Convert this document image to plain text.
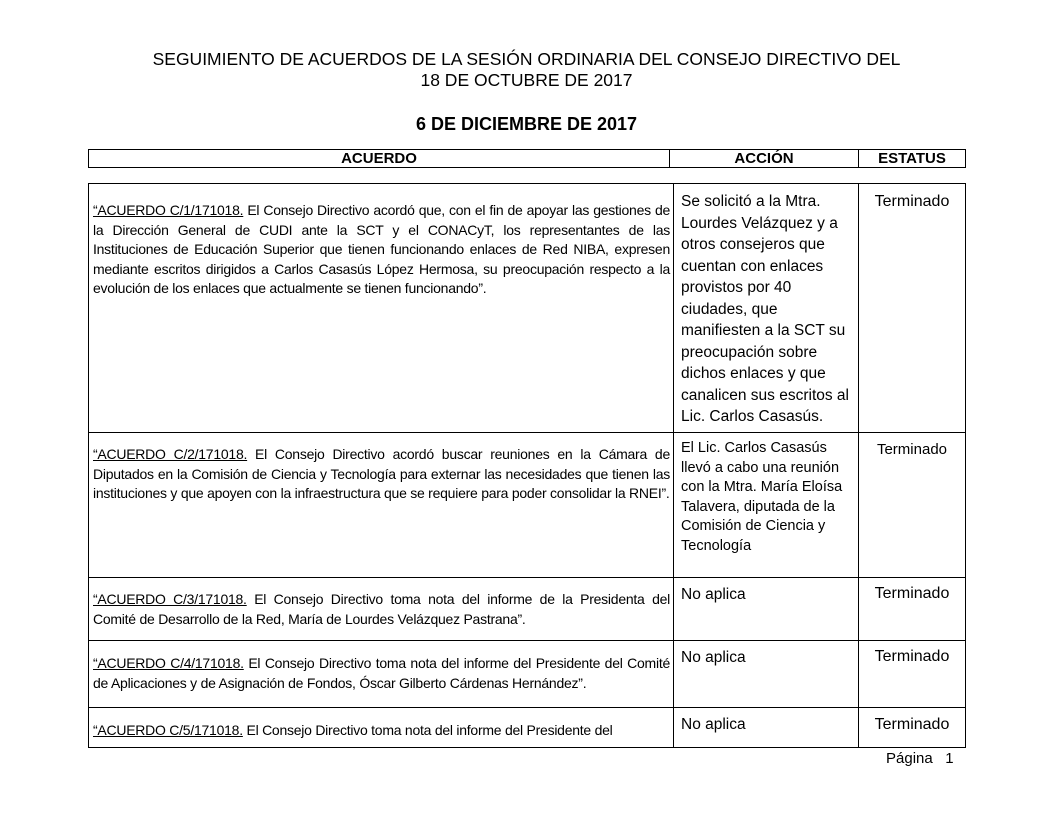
SEGUIMIENTO DE ACUERDOS DE LA SESIÓN ORDINARIA DEL CONSEJO DIRECTIVO DEL
18 DE OCTUBRE DE 2017
6 DE DICIEMBRE DE 2017
ACUERDO	ACCIÓN	ESTATUS
“ACUERDO C/1/171018. El Consejo Directivo acordó que, con el fin de apoyar las gestiones de la Dirección General de CUDI ante la SCT y el CONACyT, los representantes de las Instituciones de Educación Superior que tienen funcionando enlaces de Red NIBA, expresen mediante escritos dirigidos a Carlos Casasús López Hermosa, su preocupación respecto a la evolución de los enlaces que actualmente se tienen funcionando”.
Se solicitó a la Mtra. Lourdes Velázquez y a otros consejeros que cuentan con enlaces provistos por 40 ciudades, que manifiesten a la SCT su preocupación sobre dichos enlaces y que canalicen sus escritos al Lic. Carlos Casasús.
Terminado
“ACUERDO C/2/171018. El Consejo Directivo acordó buscar reuniones en la Cámara de Diputados en la Comisión de Ciencia y Tecnología para externar las necesidades que tienen las instituciones y que apoyen con la infraestructura que se requiere para poder consolidar la RNEI”.
El Lic. Carlos Casasús llevó a cabo una reunión con la Mtra. María Eloísa Talavera, diputada de la Comisión de Ciencia y Tecnología
Terminado
“ACUERDO C/3/171018. El Consejo Directivo toma nota del informe de la Presidenta del Comité de Desarrollo de la Red, María de Lourdes Velázquez Pastrana”.
No aplica	Terminado
“ACUERDO C/4/171018. El Consejo Directivo toma nota del informe del Presidente del Comité de Aplicaciones y de Asignación de Fondos, Óscar Gilberto Cárdenas Hernández”.
No aplica	Terminado
“ACUERDO C/5/171018. El Consejo Directivo toma nota del informe del Presidente del	No aplica	Terminado
Página   1
